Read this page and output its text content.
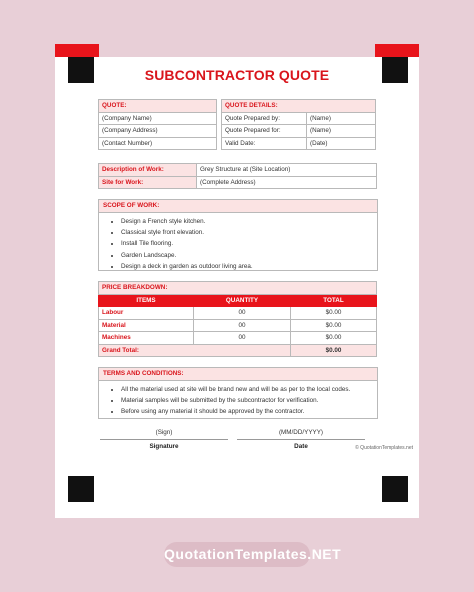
SUBCONTRACTOR QUOTE
QUOTE:
(Company Name)
(Company Address)
(Contact Number)
QUOTE DETAILS:	
Quote Prepared by:	(Name)
Quote Prepared for:	(Name)
Valid Date:	(Date)
Description of Work:	Grey Structure at (Site Location)
Site for Work:	(Complete Address)
SCOPE OF WORK:
• Design a French style kitchen.
• Classical style front elevation.
• Install Tile flooring.
• Garden Landscape.
• Design a deck in garden as outdoor living area.
PRICE BREAKDOWN:		
ITEMS	QUANTITY	TOTAL
Labour	00	$0.00
Material	00	$0.00
Machines	00	$0.00
Grand Total:		$0.00
TERMS AND CONDITIONS:
• All the material used at site will be brand new and will be as per to the local codes.
• Material samples will be submitted by the subcontractor for verification.
• Before using any material it should be approved by the contractor.
(Sign)
Signature
(MM/DD/YYYY)
Date	© QuotationTemplates.net
QuotationTemplates.NET
